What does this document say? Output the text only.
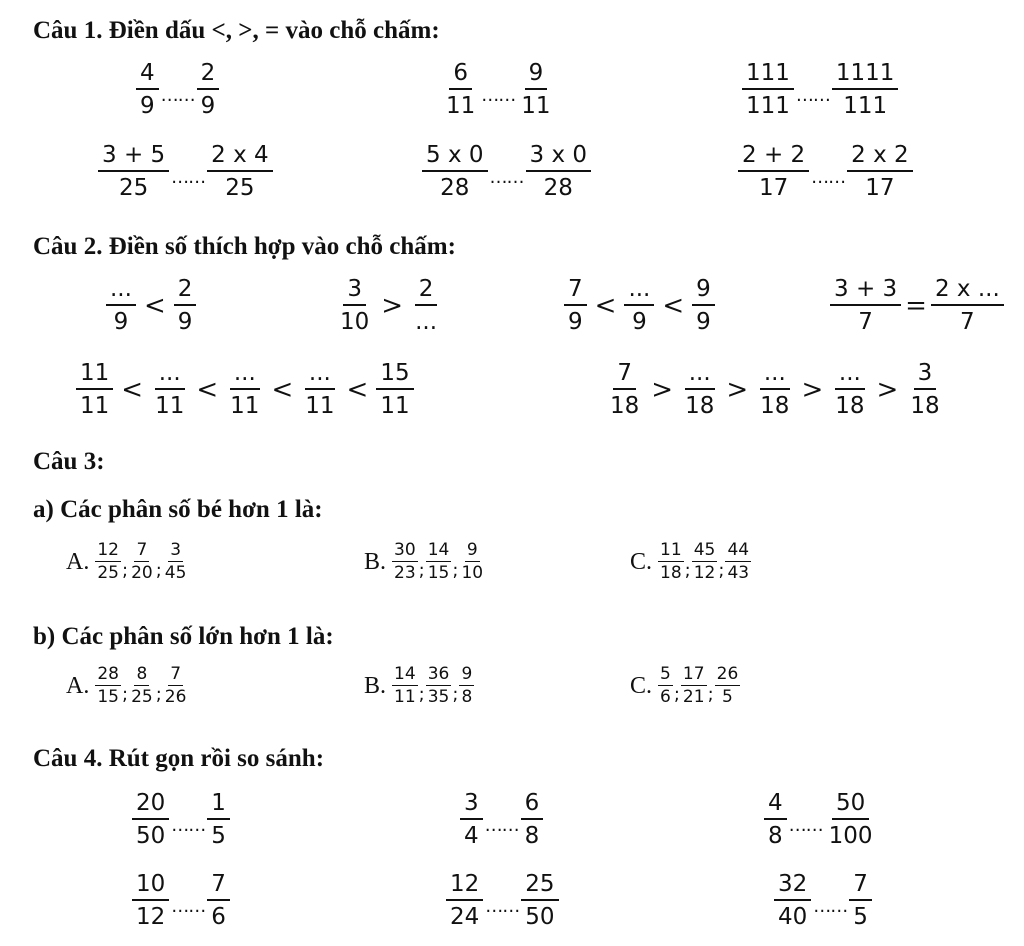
Câu 1. Điền dấu <, >, = vào chỗ chấm:
$\frac{4}{9}$ …… $\frac{2}{9}$	$\frac{6}{11}$ …… $\frac{9}{11}$	$\frac{111}{111}$ …… $\frac{1111}{111}$
$\frac{3 + 5}{25}$ …… $\frac{2 x 4}{25}$	$\frac{5 x 0}{28}$ …… $\frac{3 x 0}{28}$	$\frac{2 + 2}{17}$ …… $\frac{2 x 2}{17}$
Câu 2. Điền số thích hợp vào chỗ chấm:
$\frac{...}{9} < \frac{2}{9}$	$\frac{3}{10} > \frac{2}{...}$	$\frac{7}{9} < \frac{...}{9} < \frac{9}{9}$	$\frac{3 + 3}{7} = \frac{2 x ...}{7}$
$\frac{11}{11} < \frac{...}{11} < \frac{...}{11} < \frac{...}{11} < \frac{15}{11}$	$\frac{7}{18} > \frac{...}{18} > \frac{...}{18} > \frac{...}{18} > \frac{3}{18}$
Câu 3:
a) Các phân số bé hơn 1 là:
A. $\frac{12}{25}$ ; $\frac{7}{20}$ ; $\frac{3}{45}$	B. $\frac{30}{23}$ ; $\frac{14}{15}$ ; $\frac{9}{10}$	C. $\frac{11}{18}$ ; $\frac{45}{12}$ ; $\frac{44}{43}$
b) Các phân số lớn hơn 1 là:
A. $\frac{28}{15}$ ; $\frac{8}{25}$ ; $\frac{7}{26}$	B. $\frac{14}{11}$ ; $\frac{36}{35}$ ; $\frac{9}{8}$	C. $\frac{5}{6}$ ; $\frac{17}{21}$ ; $\frac{26}{5}$
Câu 4. Rút gọn rồi so sánh:
$\frac{20}{50}$ …… $\frac{1}{5}$	$\frac{3}{4}$ …… $\frac{6}{8}$	$\frac{4}{8}$ …… $\frac{50}{100}$
$\frac{10}{12}$ …… $\frac{7}{6}$	$\frac{12}{24}$ …… $\frac{25}{50}$	$\frac{32}{40}$ …… $\frac{7}{5}$
